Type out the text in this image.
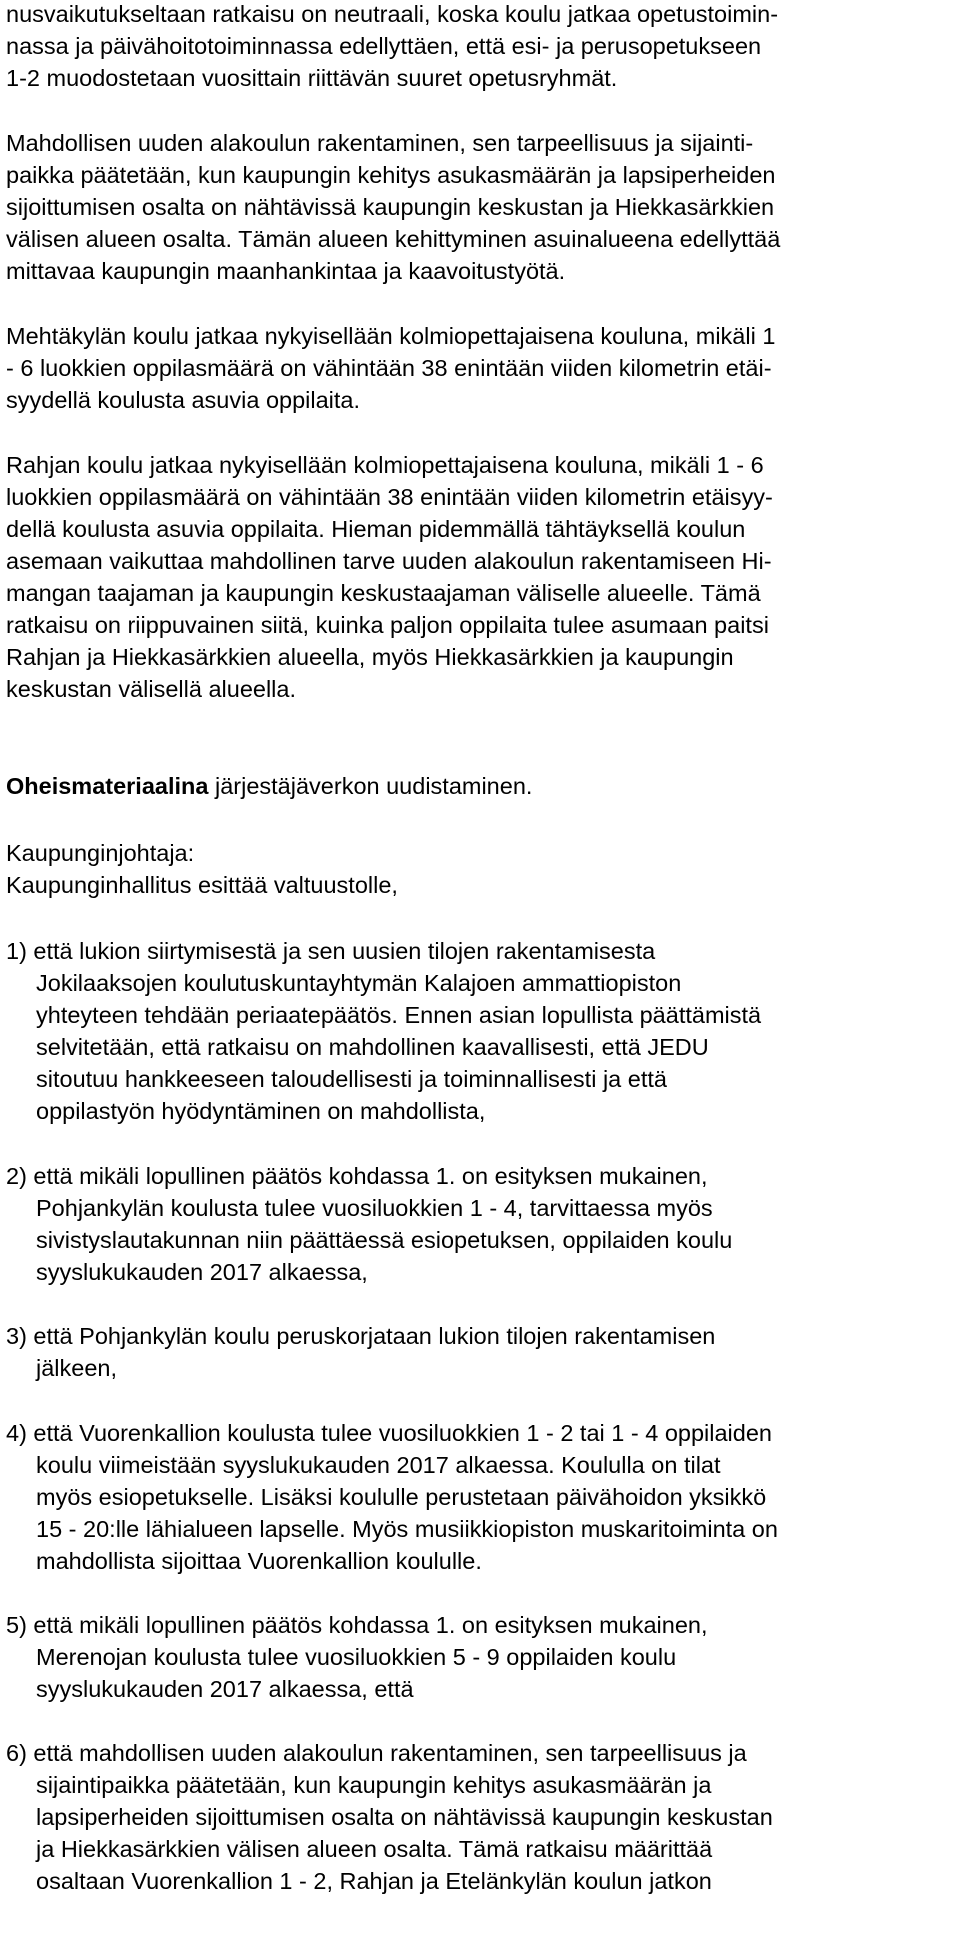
nusvaikutukseltaan ratkaisu on neutraali, koska koulu jatkaa opetustoimin-
nassa ja päivähoitotoiminnassa edellyttäen, että esi- ja perusopetukseen
1-2 muodostetaan vuosittain riittävän suuret opetusryhmät.
Mahdollisen uuden alakoulun rakentaminen, sen tarpeellisuus ja sijainti-
paikka päätetään, kun kaupungin kehitys asukasmäärän ja lapsiperheiden
sijoittumisen osalta on nähtävissä kaupungin keskustan ja Hiekkasärkkien
välisen alueen osalta. Tämän alueen kehittyminen asuinalueena edellyttää
mittavaa kaupungin maanhankintaa ja kaavoitustyötä.
Mehtäkylän koulu jatkaa nykyisellään kolmiopettajaisena kouluna, mikäli 1
- 6 luokkien oppilasmäärä on vähintään 38 enintään viiden kilometrin etäi-
syydellä koulusta asuvia oppilaita.
Rahjan koulu jatkaa nykyisellään kolmiopettajaisena kouluna, mikäli 1 - 6
luokkien oppilasmäärä on vähintään 38 enintään viiden kilometrin etäisyy-
dellä koulusta asuvia oppilaita. Hieman pidemmällä tähtäyksellä koulun
asemaan vaikuttaa mahdollinen tarve uuden alakoulun rakentamiseen Hi-
mangan taajaman ja kaupungin keskustaajaman väliselle alueelle. Tämä
ratkaisu on riippuvainen siitä, kuinka paljon oppilaita tulee asumaan paitsi
Rahjan ja Hiekkasärkkien alueella, myös Hiekkasärkkien ja kaupungin
keskustan välisellä alueella.
Oheismateriaalina järjestäjäverkon uudistaminen.
Kaupunginjohtaja:
Kaupunginhallitus esittää valtuustolle,
1) että lukion siirtymisestä ja sen uusien tilojen rakentamisesta
Jokilaaksojen koulutuskuntayhtymän Kalajoen ammattiopiston
yhteyteen tehdään periaatepäätös. Ennen asian lopullista päättämistä
selvitetään, että ratkaisu on mahdollinen kaavallisesti, että JEDU
sitoutuu hankkeeseen taloudellisesti ja toiminnallisesti ja että
oppilastyön hyödyntäminen on mahdollista,
2) että mikäli lopullinen päätös kohdassa 1. on esityksen mukainen,
Pohjankylän koulusta tulee vuosiluokkien 1 - 4, tarvittaessa myös
sivistyslautakunnan niin päättäessä esiopetuksen, oppilaiden koulu
syyslukukauden 2017 alkaessa,
3) että Pohjankylän koulu peruskorjataan lukion tilojen rakentamisen
jälkeen,
4) että Vuorenkallion koulusta tulee vuosiluokkien 1 - 2 tai 1 - 4 oppilaiden
koulu viimeistään syyslukukauden 2017 alkaessa. Koululla on tilat
myös esiopetukselle. Lisäksi koululle perustetaan päivähoidon yksikkö
15 - 20:lle lähialueen lapselle. Myös musiikkiopiston muskaritoiminta on
mahdollista sijoittaa Vuorenkallion koululle.
5) että mikäli lopullinen päätös kohdassa 1. on esityksen mukainen,
Merenojan koulusta tulee vuosiluokkien 5 - 9 oppilaiden koulu
syyslukukauden 2017 alkaessa, että
6) että mahdollisen uuden alakoulun rakentaminen, sen tarpeellisuus ja
sijaintipaikka päätetään, kun kaupungin kehitys asukasmäärän ja
lapsiperheiden sijoittumisen osalta on nähtävissä kaupungin keskustan
ja Hiekkasärkkien välisen alueen osalta. Tämä ratkaisu määrittää
osaltaan Vuorenkallion 1 - 2, Rahjan ja Etelänkylän koulun jatkon
